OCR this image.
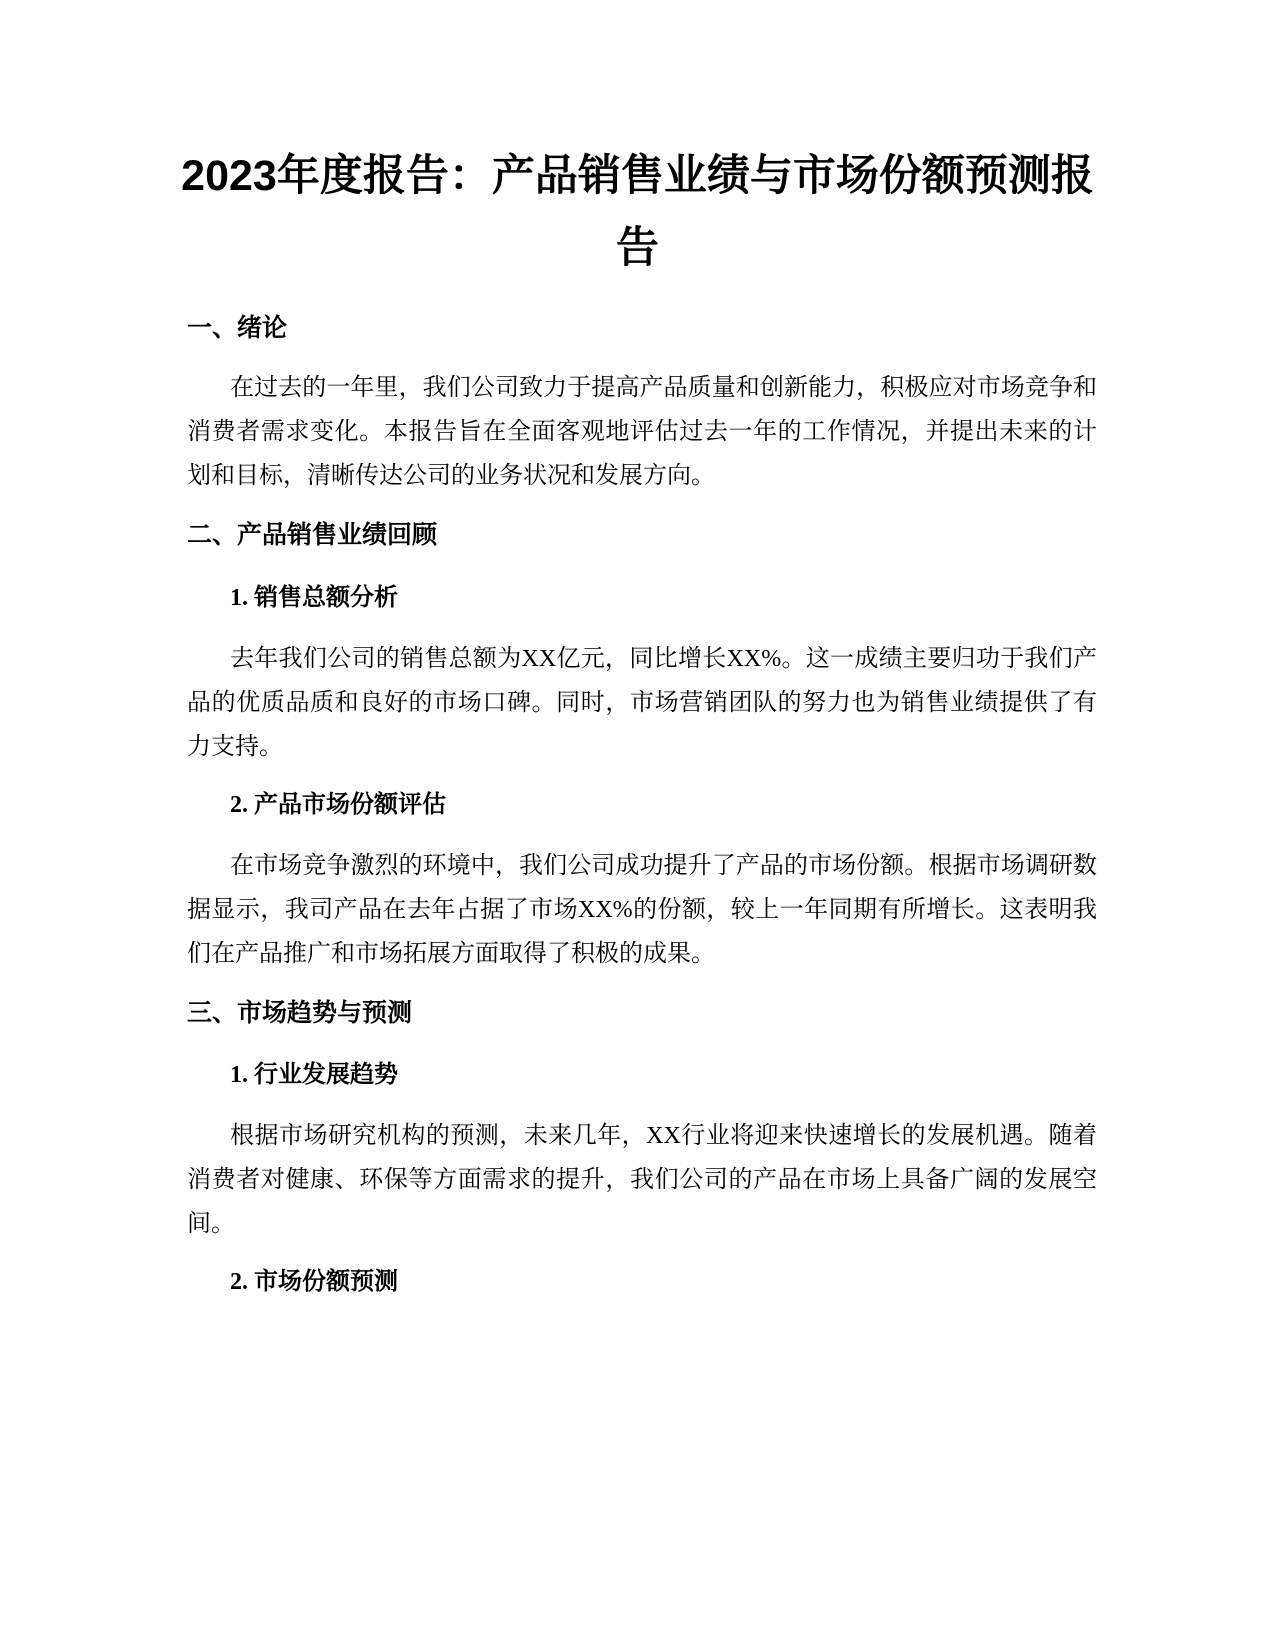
2023年度报告：产品销售业绩与市场份额预测报告
一、绪论

在过去的一年里，我们公司致力于提高产品质量和创新能力，积极应对市场竞争和消费者需求变化。本报告旨在全面客观地评估过去一年的工作情况，并提出未来的计划和目标，清晰传达公司的业务状况和发展方向。

二、产品销售业绩回顾
1. 销售总额分析

去年我们公司的销售总额为XX亿元，同比增长XX%。这一成绩主要归功于我们产品的优质品质和良好的市场口碑。同时，市场营销团队的努力也为销售业绩提供了有力支持。

2. 产品市场份额评估

在市场竞争激烈的环境中，我们公司成功提升了产品的市场份额。根据市场调研数据显示，我司产品在去年占据了市场XX%的份额，较上一年同期有所增长。这表明我们在产品推广和市场拓展方面取得了积极的成果。

三、市场趋势与预测
1. 行业发展趋势

根据市场研究机构的预测，未来几年，XX行业将迎来快速增长的发展机遇。随着消费者对健康、环保等方面需求的提升，我们公司的产品在市场上具备广阔的发展空间。

2. 市场份额预测
